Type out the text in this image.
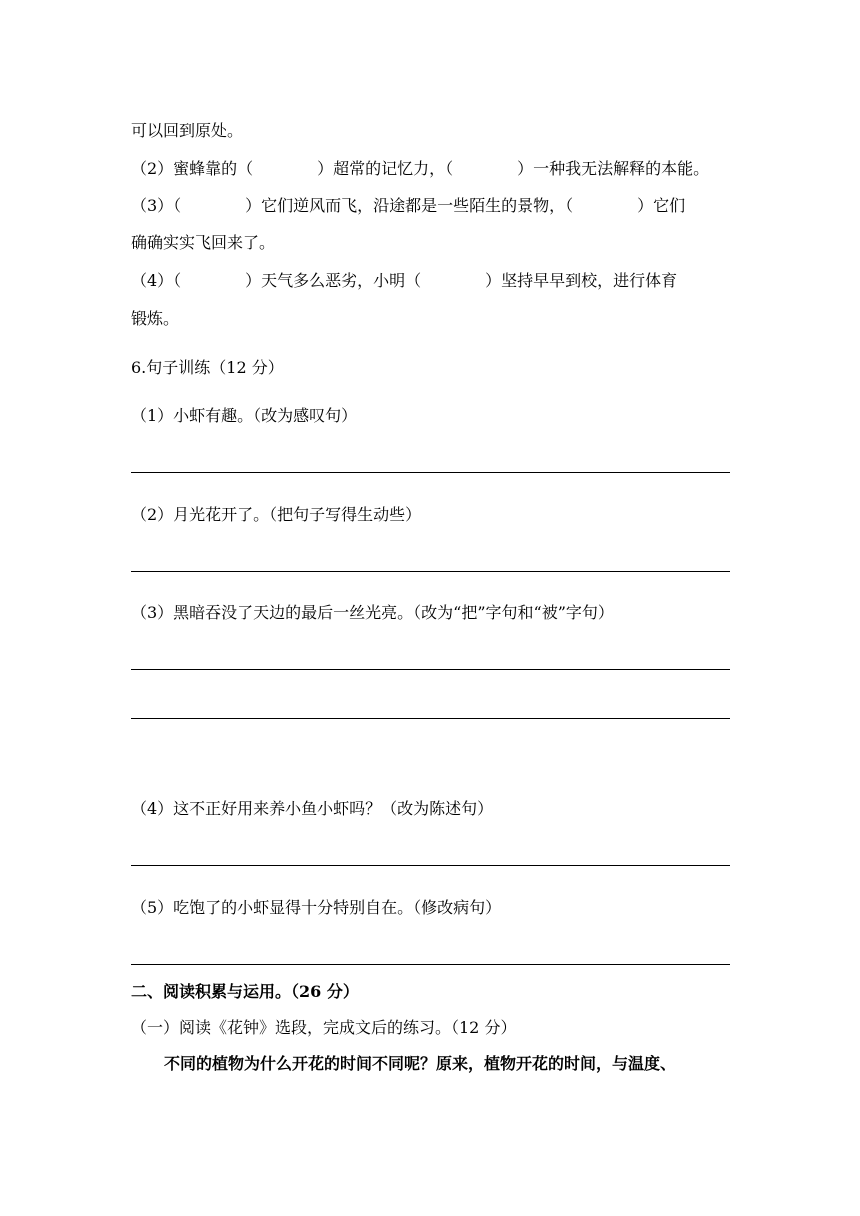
可以回到原处。
（2）蜜蜂靠的（　　　　）超常的记忆力，（　　　　）一种我无法解释的本能。
（3）（　　　　）它们逆风而飞，沿途都是一些陌生的景物，（　　　　）它们
确确实实飞回来了。
（4）（　　　　）天气多么恶劣，小明（　　　　）坚持早早到校，进行体育
锻炼。
6.句子训练（12 分）
（1）小虾有趣。（改为感叹句）
（2）月光花开了。（把句子写得生动些）
（3）黑暗吞没了天边的最后一丝光亮。（改为“把”字句和“被”字句）
（4）这不正好用来养小鱼小虾吗？（改为陈述句）
（5）吃饱了的小虾显得十分特别自在。（修改病句）
二、阅读积累与运用。（26 分）
（一）阅读《花钟》选段，完成文后的练习。（12 分）
不同的植物为什么开花的时间不同呢？原来，植物开花的时间，与温度、
